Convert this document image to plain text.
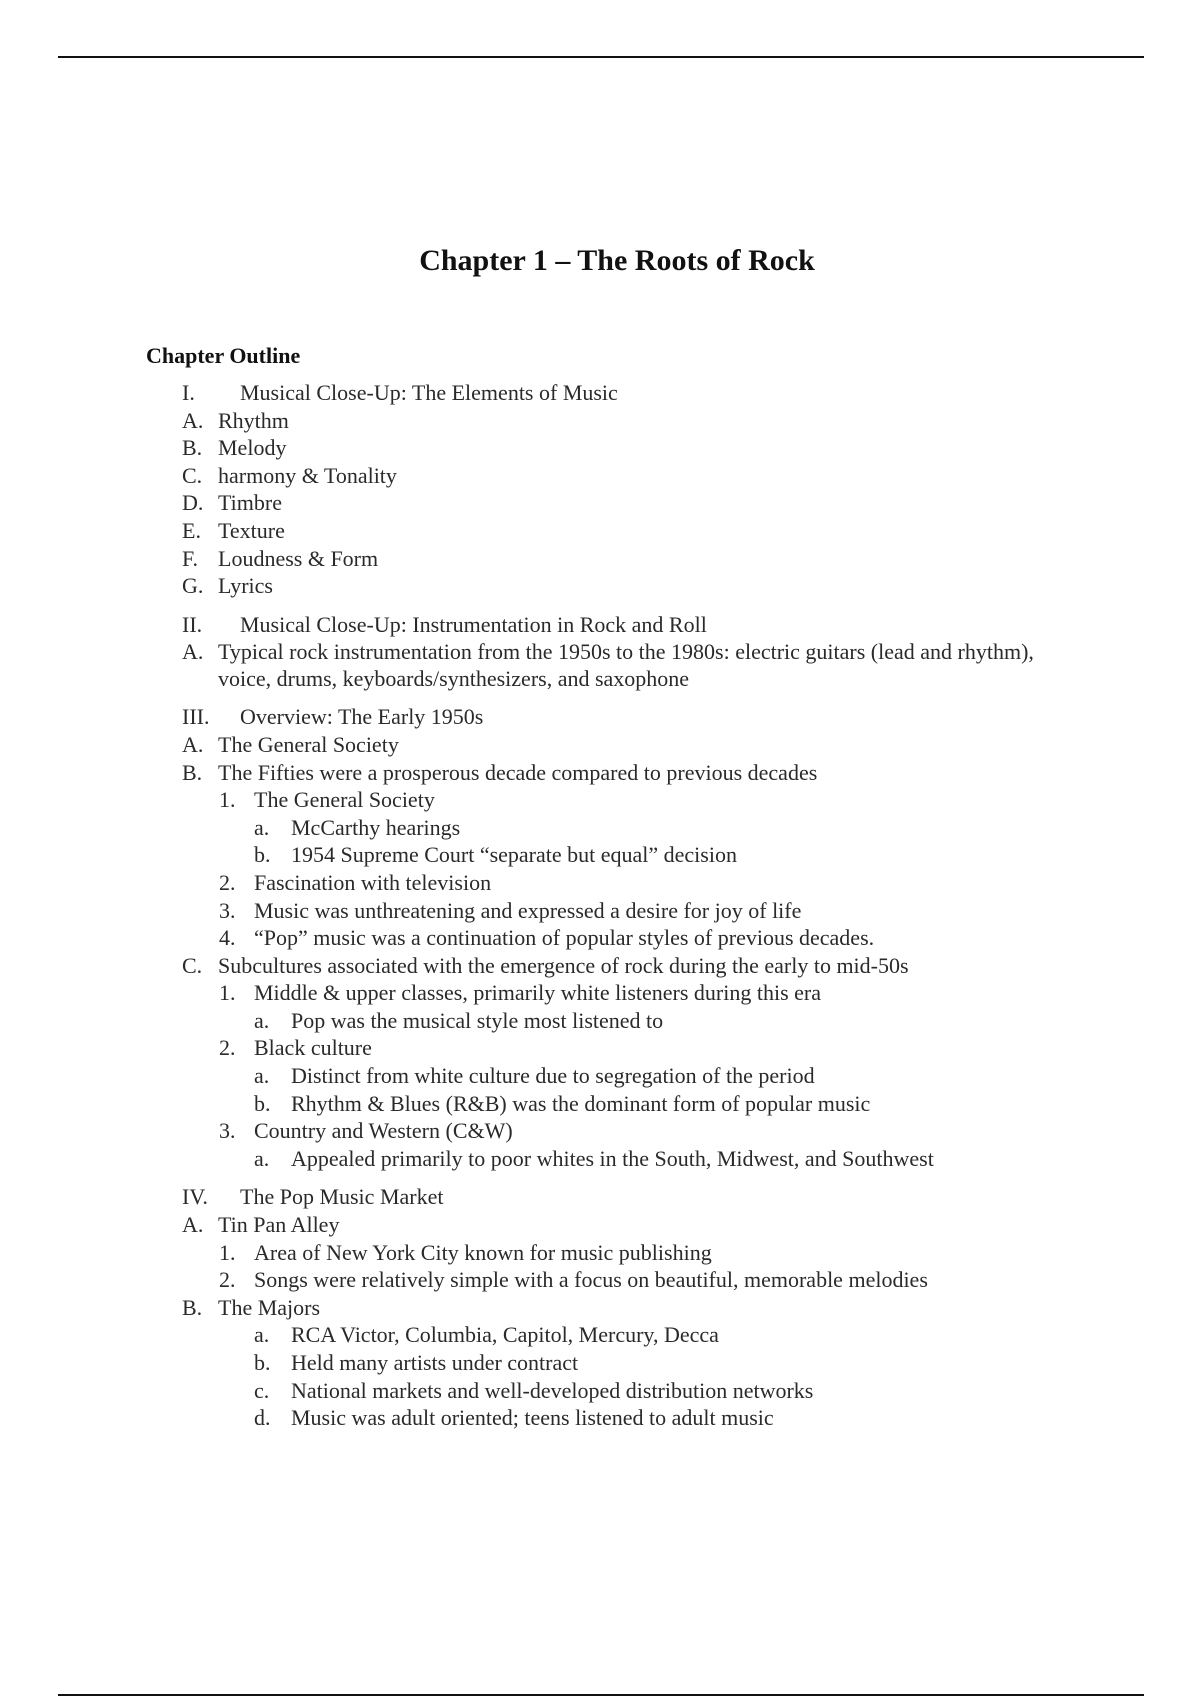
Chapter 1 – The Roots of Rock
Chapter Outline
I. Musical Close-Up: The Elements of Music
A. Rhythm
B. Melody
C. harmony & Tonality
D. Timbre
E. Texture
F. Loudness & Form
G. Lyrics
II. Musical Close-Up: Instrumentation in Rock and Roll
A. Typical rock instrumentation from the 1950s to the 1980s: electric guitars (lead and rhythm), voice, drums, keyboards/synthesizers, and saxophone
III. Overview: The Early 1950s
A. The General Society
B. The Fifties were a prosperous decade compared to previous decades
1. The General Society
a. McCarthy hearings
b. 1954 Supreme Court “separate but equal” decision
2. Fascination with television
3. Music was unthreatening and expressed a desire for joy of life
4. “Pop” music was a continuation of popular styles of previous decades.
C. Subcultures associated with the emergence of rock during the early to mid-50s
1. Middle & upper classes, primarily white listeners during this era
a. Pop was the musical style most listened to
2. Black culture
a. Distinct from white culture due to segregation of the period
b. Rhythm & Blues (R&B) was the dominant form of popular music
3. Country and Western (C&W)
a. Appealed primarily to poor whites in the South, Midwest, and Southwest
IV. The Pop Music Market
A. Tin Pan Alley
1. Area of New York City known for music publishing
2. Songs were relatively simple with a focus on beautiful, memorable melodies
B. The Majors
a. RCA Victor, Columbia, Capitol, Mercury, Decca
b. Held many artists under contract
c. National markets and well-developed distribution networks
d. Music was adult oriented; teens listened to adult music
